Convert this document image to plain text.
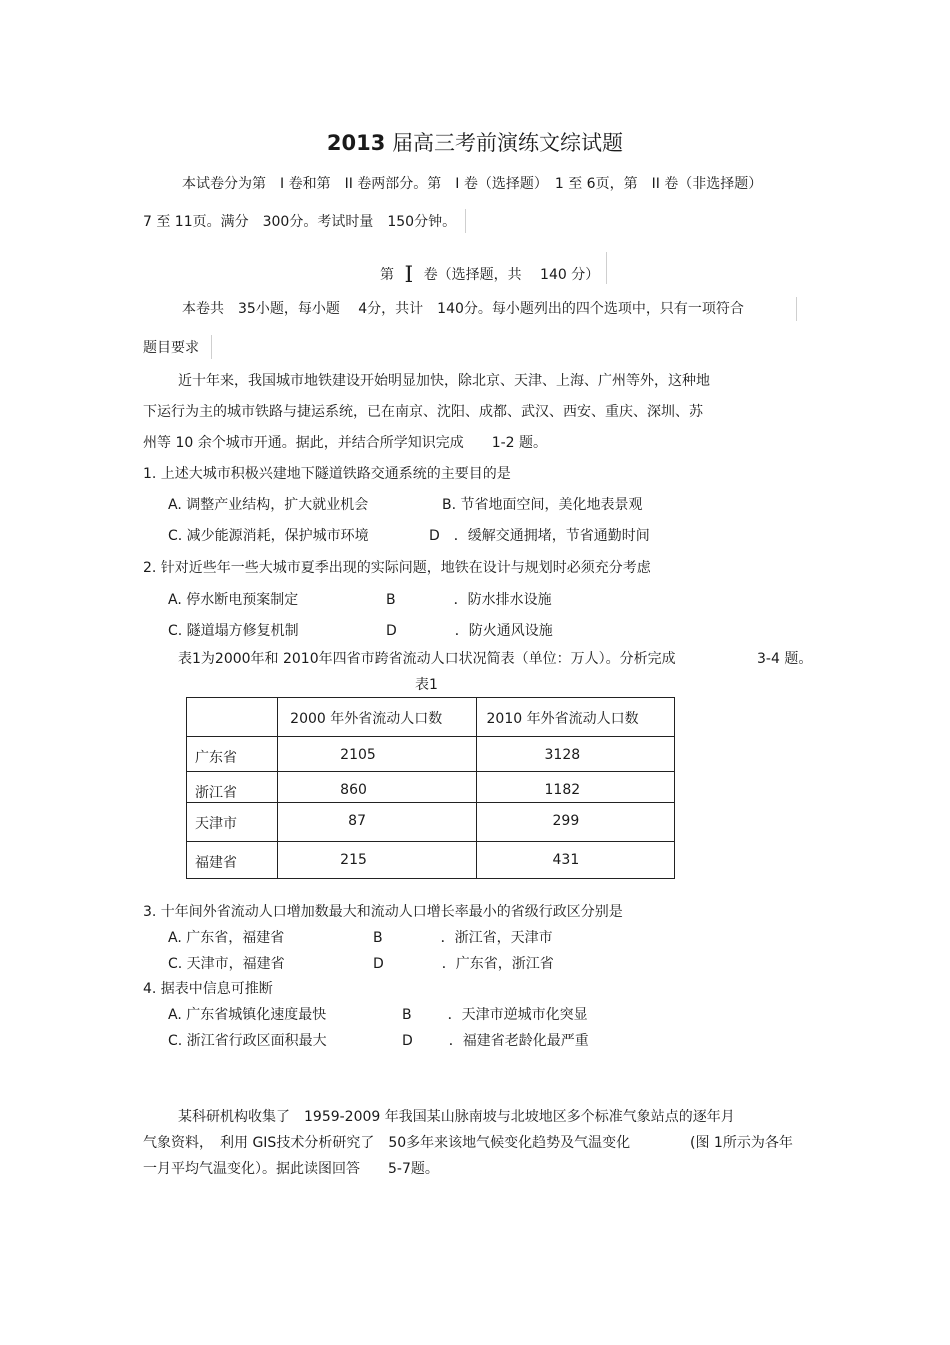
2013 届高三考前演练文综试题
本试卷分为第　I 卷和第　II 卷两部分。第　I 卷（选择题）　1 至 6页，第　II 卷（非选择题）
7 至 11页。满分　300分。考试时量　150分钟。
第 I 卷（选择题，共　 140 分）
本卷共　35小题，每小题　 4分，共计　140分。每小题列出的四个选项中，只有一项符合
题目要求
近十年来，我国城市地铁建设开始明显加快，除北京、天津、上海、广州等外，这种地
下运行为主的城市铁路与捷运系统，已在南京、沈阳、成都、武汉、西安、重庆、深圳、苏
州等 10 余个城市开通。据此，并结合所学知识完成　　1-2 题。
1. 上述大城市积极兴建地下隧道铁路交通系统的主要目的是
A. 调整产业结构，扩大就业机会	B. 节省地面空间，美化地表景观
C. 减少能源消耗，保护城市环境	D ．缓解交通拥堵，节省通勤时间
2. 针对近些年一些大城市夏季出现的实际问题，地铁在设计与规划时必须充分考虑
A. 停水断电预案制定	B	．防水排水设施
C. 隧道塌方修复机制	D	．防火通风设施
表1为2000年和 2010年四省市跨省流动人口状况简表（单位：万人）。分析完成	3-4 题。
表1

	2000 年外省流动人口数	2010 年外省流动人口数

广东省	2105	3128

浙江省	860	1182

天津市	87	299

福建省	215	431
3. 十年间外省流动人口增加数最大和流动人口增长率最小的省级行政区分别是
A. 广东省，福建省	B	．浙江省，天津市
C. 天津市，福建省	D	．广东省，浙江省
4. 据表中信息可推断
A. 广东省城镇化速度最快	B	．天津市逆城市化突显
C. 浙江省行政区面积最大	D	．福建省老龄化最严重
某科研机构收集了　1959-2009 年我国某山脉南坡与北坡地区多个标准气象站点的逐年月
气象资料，　利用 GIS技术分析研究了　50多年来该地气候变化趋势及气温变化	(图 1所示为各年
一月平均气温变化）。据此读图回答　　5-7题。
